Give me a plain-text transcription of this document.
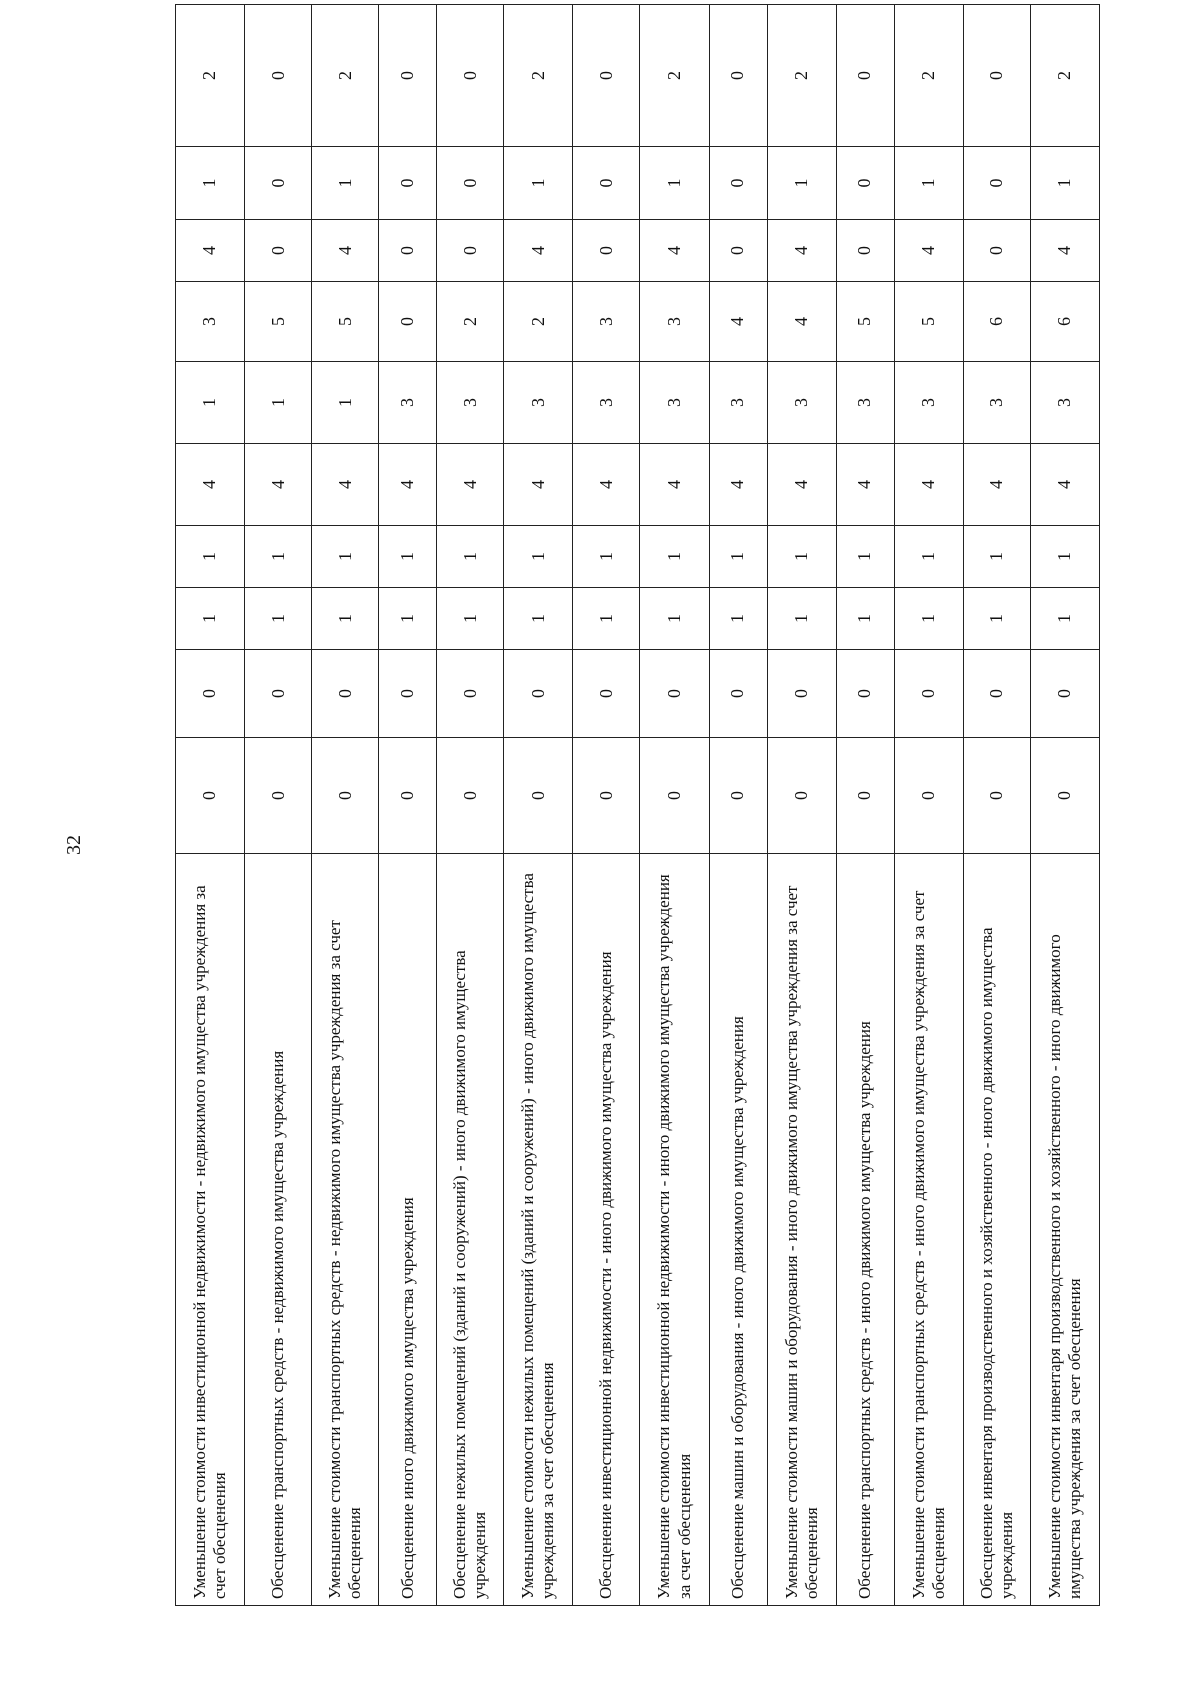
32
Уменьшение стоимости инвестиционной недвижимости - недвижимого имущества учреждения за счет обесценения	0	0	1	1	4	1	3	4	1	2
Обесценение транспортных средств - недвижимого имущества учреждения	0	0	1	1	4	1	5	0	0	0
Уменьшение стоимости транспортных средств - недвижимого имущества учреждения за счет обесценения	0	0	1	1	4	1	5	4	1	2
Обесценение иного движимого имущества учреждения	0	0	1	1	4	3	0	0	0	0
Обесценение нежилых помещений (зданий и сооружений) - иного движимого имущества учреждения	0	0	1	1	4	3	2	0	0	0
Уменьшение стоимости нежилых помещений (зданий и сооружений) - иного движимого имущества учреждения за счет обесценения	0	0	1	1	4	3	2	4	1	2
Обесценение инвестиционной недвижимости - иного движимого имущества учреждения	0	0	1	1	4	3	3	0	0	0
Уменьшение стоимости инвестиционной недвижимости - иного движимого имущества учреждения за счет обесценения	0	0	1	1	4	3	3	4	1	2
Обесценение машин и оборудования - иного движимого имущества учреждения	0	0	1	1	4	3	4	0	0	0
Уменьшение стоимости машин и оборудования - иного движимого имущества учреждения за счет обесценения	0	0	1	1	4	3	4	4	1	2
Обесценение транспортных средств - иного движимого имущества учреждения	0	0	1	1	4	3	5	0	0	0
Уменьшение стоимости транспортных средств - иного движимого имущества учреждения за счет обесценения	0	0	1	1	4	3	5	4	1	2
Обесценение инвентаря производственного и хозяйственного - иного движимого имущества учреждения	0	0	1	1	4	3	6	0	0	0
Уменьшение стоимости инвентаря производственного и хозяйственного - иного движимого имущества учреждения за счет обесценения	0	0	1	1	4	3	6	4	1	2
